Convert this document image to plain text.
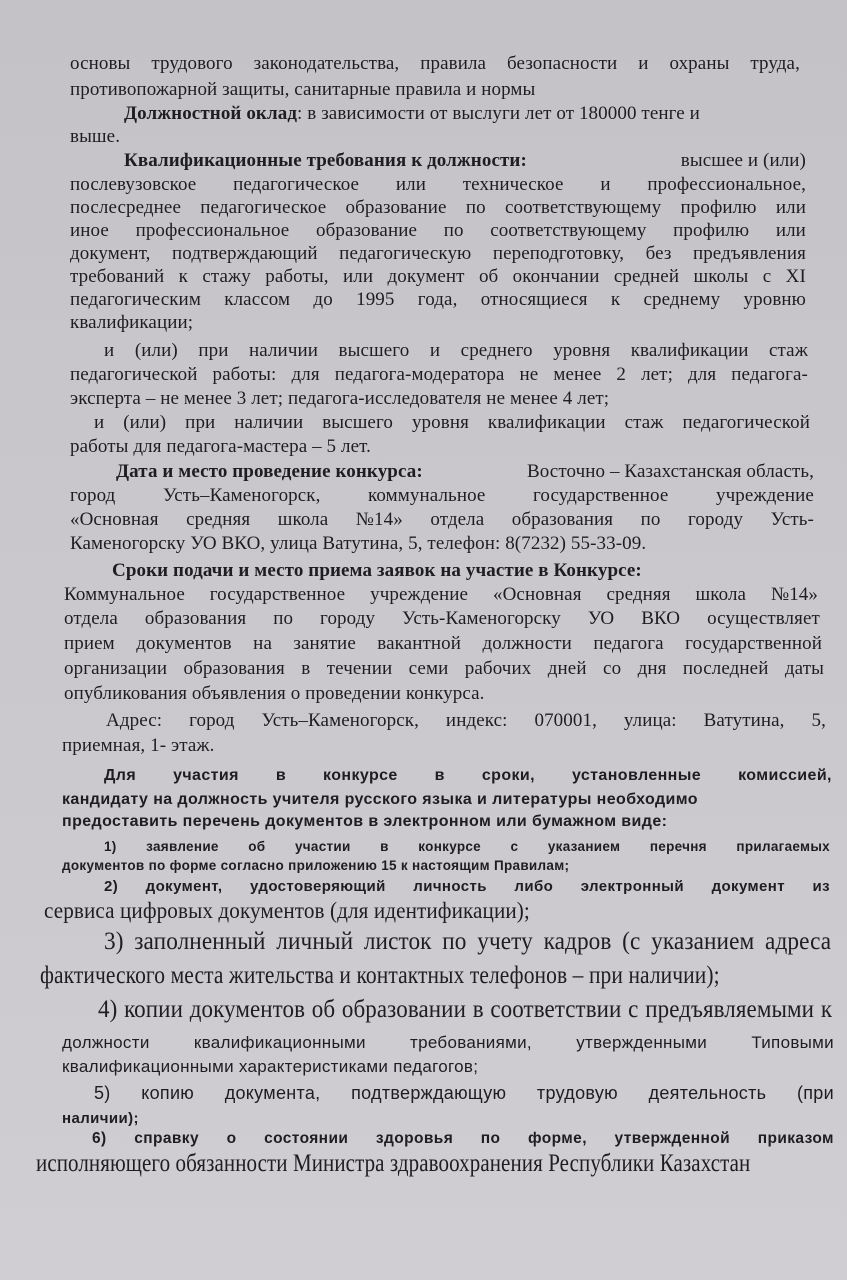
основы трудового законодательства, правила безопасности и охраны труда,
противопожарной защиты, санитарные правила и нормы
Должностной оклад: в зависимости от выслуги лет от 180000 тенге и
выше.
Квалификационные требования к должности:	высшее и (или)
послевузовское педагогическое или техническое и профессиональное,
послесреднее педагогическое образование по соответствующему профилю или
иное профессиональное образование по соответствующему профилю или
документ, подтверждающий педагогическую переподготовку, без предъявления
требований к стажу работы, или документ об окончании средней школы с XI
педагогическим классом до 1995 года, относящиеся к среднему уровню
квалификации;
и (или) при наличии высшего и среднего уровня квалификации стаж
педагогической работы: для педагога-модератора не менее 2 лет; для педагога-
эксперта – не менее 3 лет; педагога-исследователя не менее 4 лет;
и (или) при наличии высшего уровня квалификации стаж педагогической
работы для педагога-мастера – 5 лет.
Дата и место проведение конкурса:	Восточно – Казахстанская область,
город	Усть–Каменогорск,	коммунальное	государственное	учреждение
«Основная средняя школа №14» отдела образования по городу Усть-
Каменогорску УО ВКО, улица Ватутина, 5, телефон: 8(7232) 55-33-09.
Сроки подачи и место приема заявок на участие в Конкурсе:
Коммунальное государственное учреждение «Основная средняя школа №14»
отдела образования по городу Усть-Каменогорску УО ВКО осуществляет
прием документов на занятие вакантной должности педагога государственной
организации образования в течении семи рабочих дней со дня последней даты
опубликования объявления о проведении конкурса.
Адрес: город Усть–Каменогорск, индекс: 070001, улица: Ватутина, 5,
приемная, 1- этаж.
Для участия в конкурсе в сроки, установленные комиссией,
кандидату на должность учителя русского языка и литературы необходимо
предоставить перечень документов в электронном или бумажном виде:
1) заявление об участии в конкурсе с указанием перечня прилагаемых
документов по форме согласно приложению 15 к настоящим Правилам;
2) документ, удостоверяющий личность либо электронный документ из
сервиса цифровых документов (для идентификации);
3) заполненный личный листок по учету кадров (с указанием адреса
фактического места жительства и контактных телефонов – при наличии);
4) копии документов об образовании в соответствии с предъявляемыми к
должности	квалификационными	требованиями,	утвержденными	Типовыми
квалификационными характеристиками педагогов;
5) копию документа, подтверждающую трудовую деятельность (при
наличии);
6) справку о состоянии здоровья по форме, утвержденной приказом
исполняющего обязанности Министра здравоохранения Республики Казахстан
